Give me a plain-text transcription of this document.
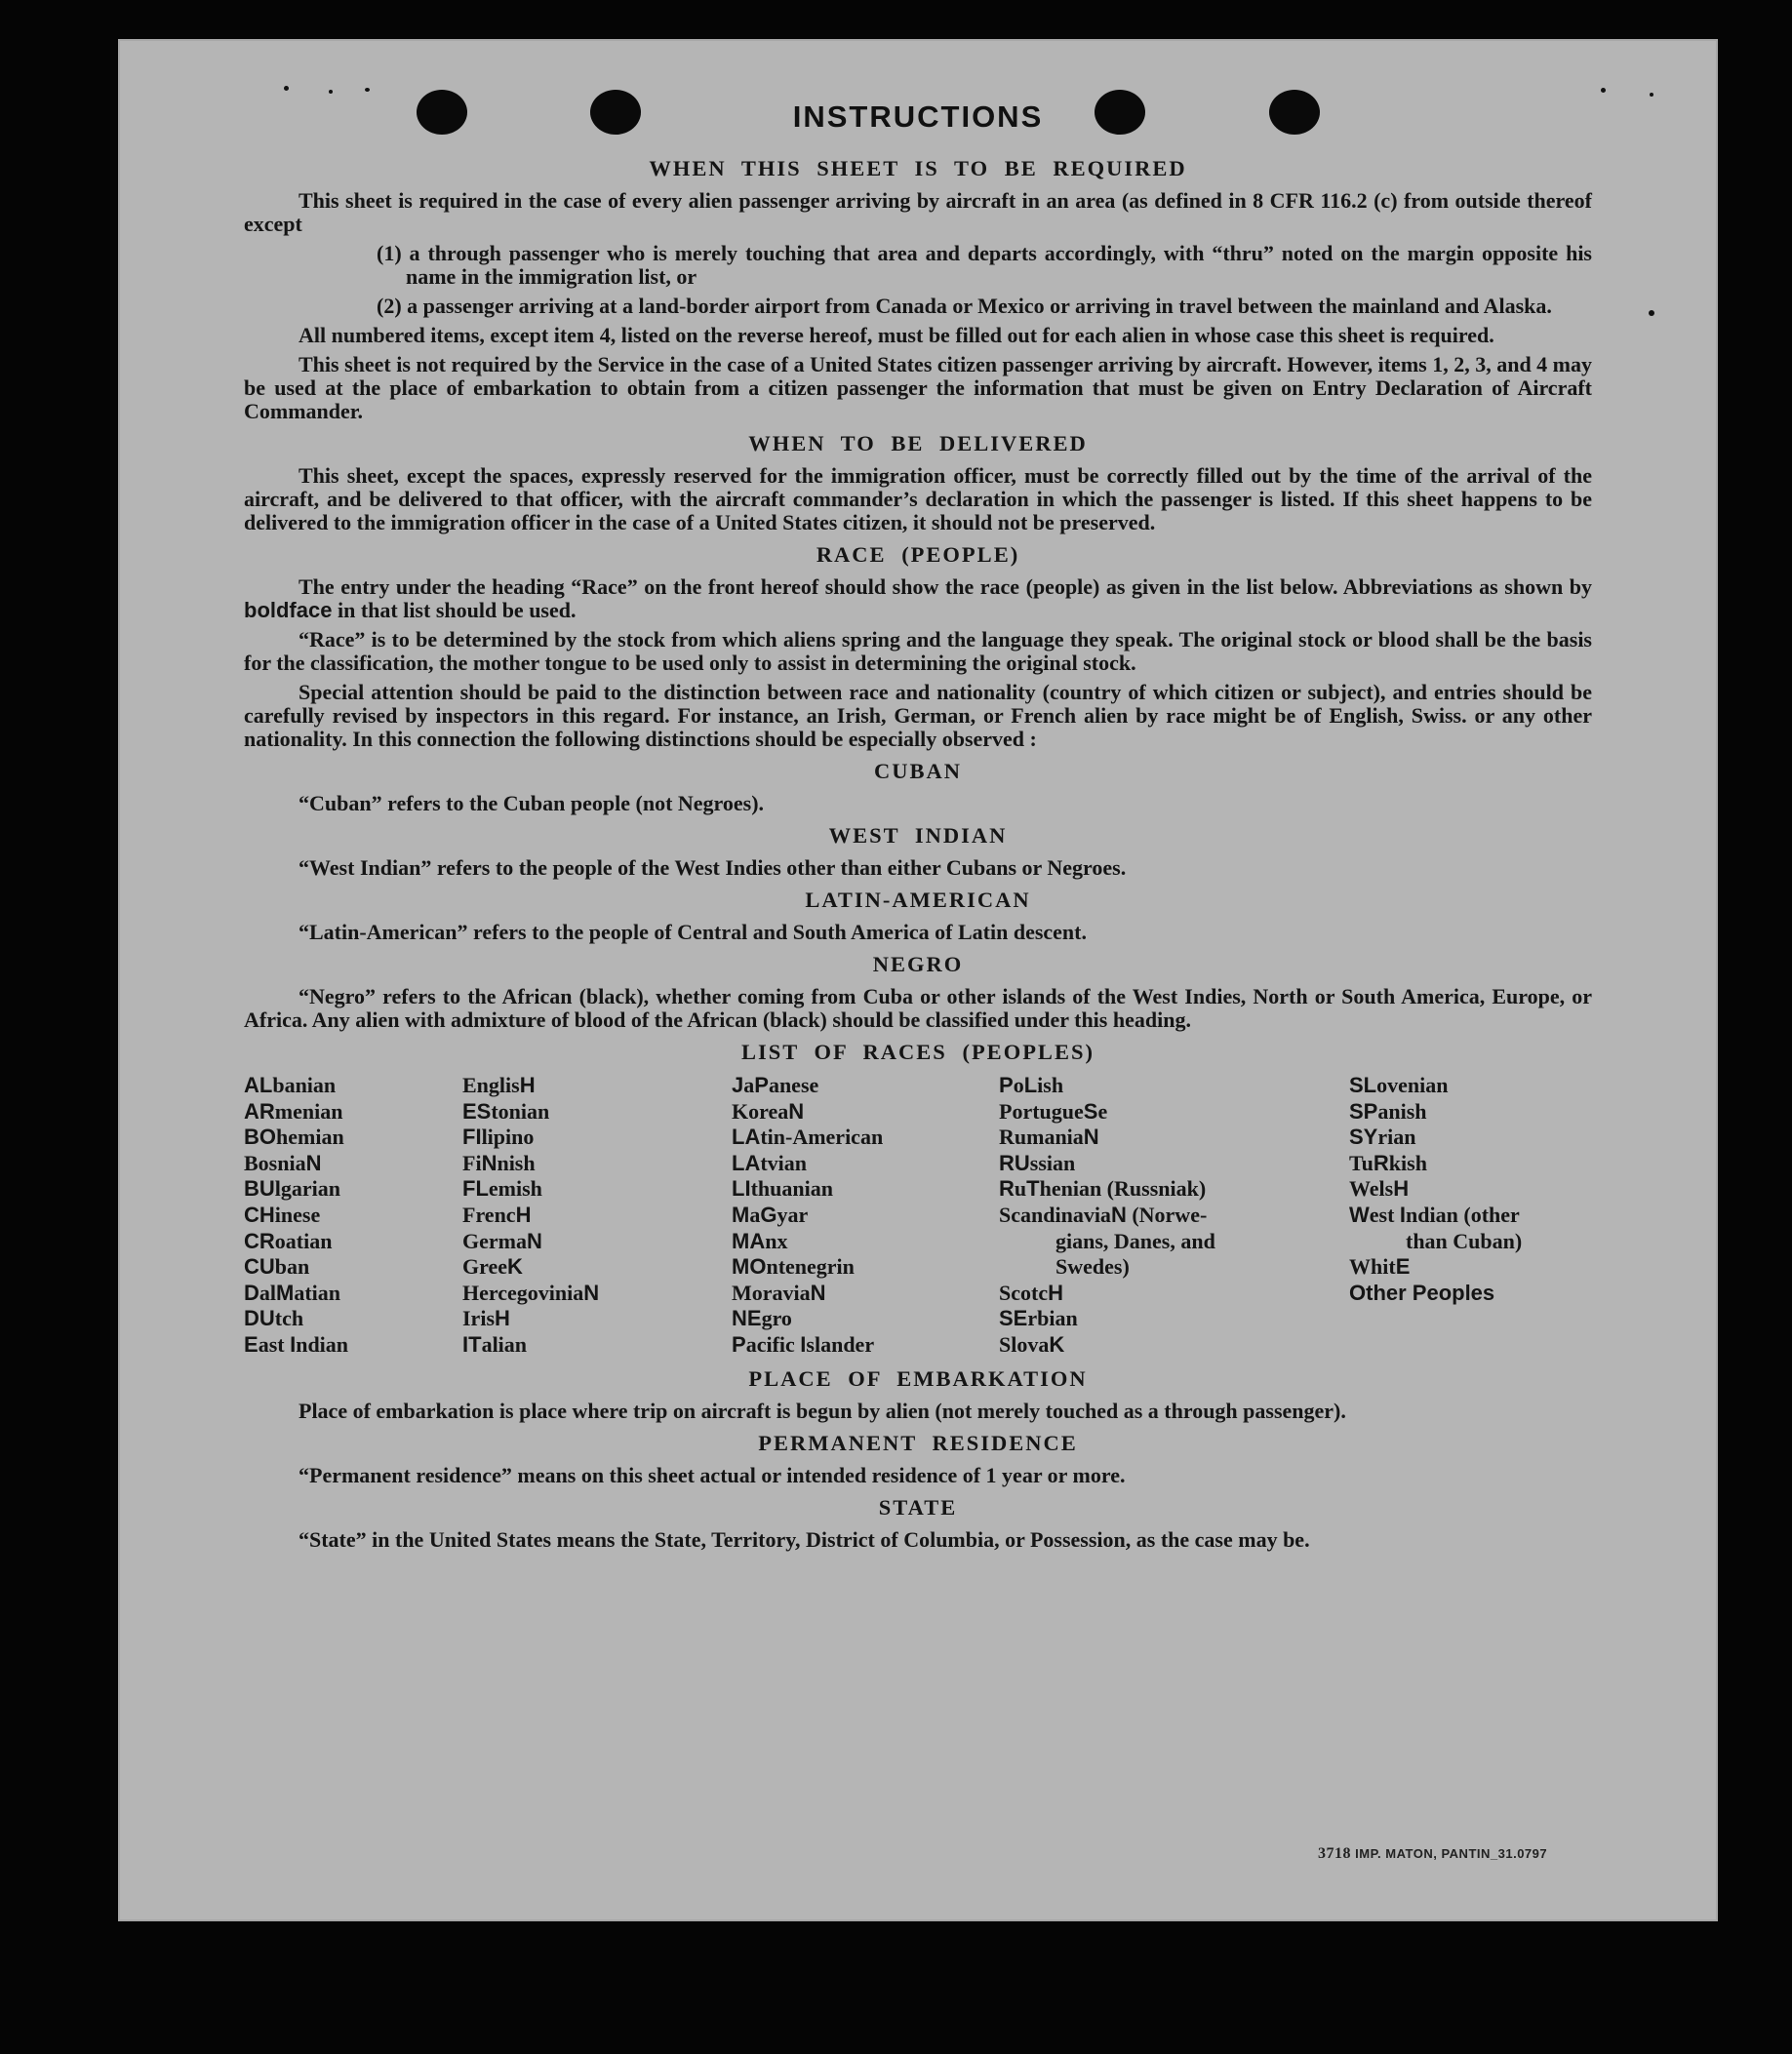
INSTRUCTIONS
WHEN THIS SHEET IS TO BE REQUIRED

This sheet is required in the case of every alien passenger arriving by aircraft in an area (as defined in 8 CFR 116.2 (c) from outside thereof except

(1) a through passenger who is merely touching that area and departs accordingly, with “thru” noted on the margin opposite his name in the immigration list, or

(2) a passenger arriving at a land-border airport from Canada or Mexico or arriving in travel between the mainland and Alaska.

All numbered items, except item 4, listed on the reverse hereof, must be filled out for each alien in whose case this sheet is required.

This sheet is not required by the Service in the case of a United States citizen passenger arriving by aircraft. However, items 1, 2, 3, and 4 may be used at the place of embarkation to obtain from a citizen passenger the information that must be given on Entry Declaration of Aircraft Commander.

WHEN TO BE DELIVERED

This sheet, except the spaces, expressly reserved for the immigration officer, must be correctly filled out by the time of the arrival of the aircraft, and be delivered to that officer, with the aircraft commander’s declaration in which the passenger is listed. If this sheet happens to be delivered to the immigration officer in the case of a United States citizen, it should not be preserved.

RACE (PEOPLE)

The entry under the heading “Race” on the front hereof should show the race (people) as given in the list below. Abbreviations as shown by boldface in that list should be used.

“Race” is to be determined by the stock from which aliens spring and the language they speak. The original stock or blood shall be the basis for the classification, the mother tongue to be used only to assist in determining the original stock.

Special attention should be paid to the distinction between race and nationality (country of which citizen or subject), and entries should be carefully revised by inspectors in this regard. For instance, an Irish, German, or French alien by race might be of English, Swiss. or any other nationality. In this connection the following distinctions should be especially observed :

CUBAN

“Cuban” refers to the Cuban people (not Negroes).

WEST INDIAN

“West Indian” refers to the people of the West Indies other than either Cubans or Negroes.

LATIN-AMERICAN

“Latin-American” refers to the people of Central and South America of Latin descent.

NEGRO

“Negro” refers to the African (black), whether coming from Cuba or other islands of the West Indies, North or South America, Europe, or Africa. Any alien with admixture of blood of the African (black) should be classified under this heading.

LIST OF RACES (PEOPLES)
ALbanian
ARmenian
BOhemian
BosniaN
BUlgarian
CHinese
CRoatian
CUban
DalMatian
DUtch
East Indian
EnglisH
EStonian
FIlipino
FiNnish
FLemish
FrencH
GermaN
GreeK
HercegoviniaN
IrisH
ITalian
JaPanese
KoreaN
LAtin-American
LAtvian
LIthuanian
MaGyar
MAnx
MOntenegrin
MoraviaN
NEgro
Pacific Islander
PoLish
PortugueSe
RumaniaN
RUssian
RuThenian (Russniak)
ScandinaviaN (Norwe-
gians, Danes, and
Swedes)
ScotcH
SErbian
SlovaK
SLovenian
SPanish
SYrian
TuRkish
WelsH
West Indian (other
than Cuban)
WhitE
Other Peoples
PLACE OF EMBARKATION

Place of embarkation is place where trip on aircraft is begun by alien (not merely touched as a through passenger).

PERMANENT RESIDENCE

“Permanent residence” means on this sheet actual or intended residence of 1 year or more.

STATE

“State” in the United States means the State, Territory, District of Columbia, or Possession, as the case may be.

3718 IMP. MATON, PANTIN_31.0797
